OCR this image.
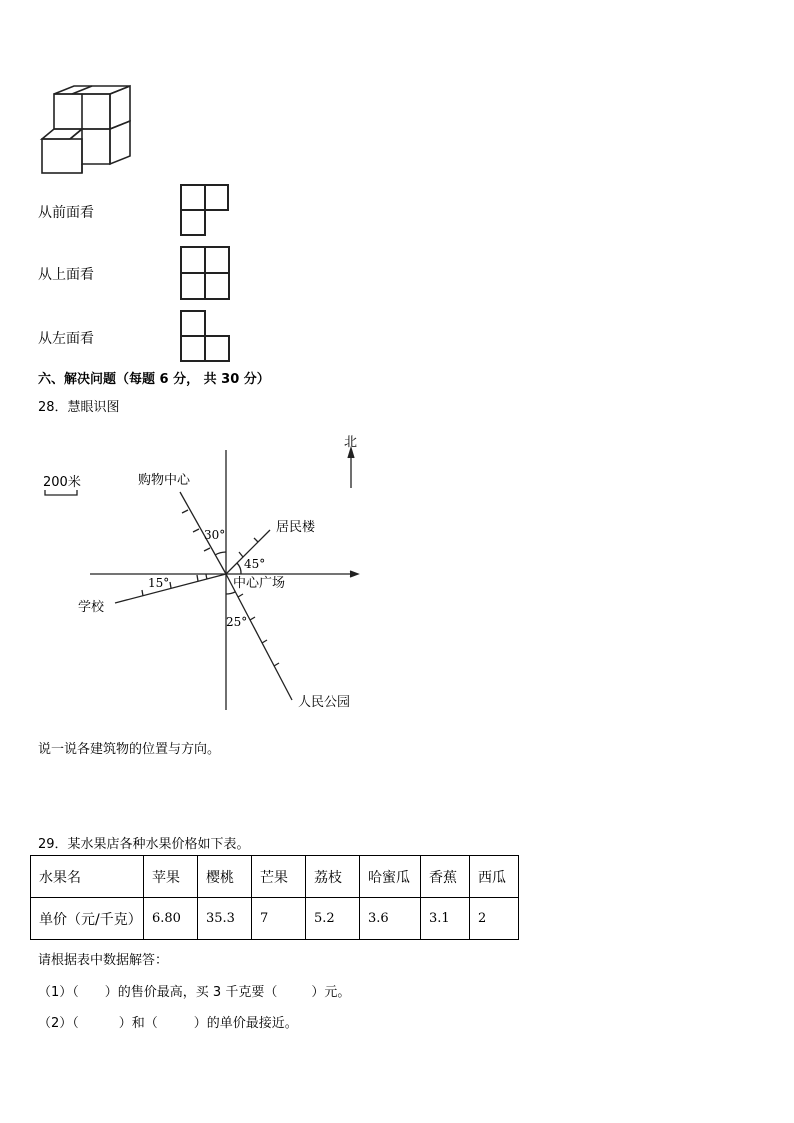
从前面看
从上面看
从左面看
六、解决问题（每题 6 分， 共 30 分）
28．慧眼识图
200米
北
购物中心
居民楼
中心广场
学校
人民公园
30°
45°
15°
25°
说一说各建筑物的位置与方向。
29．某水果店各种水果价格如下表。
水果名	苹果	樱桃	芒果	荔枝	哈蜜瓜	香蕉	西瓜
单价（元/千克）	6.80	35.3	7	5.2	3.6	3.1	2
请根据表中数据解答：
（1）（ ）的售价最高，买 3 千克要（	）元。
（2）（	）和（	）的单价最接近。
